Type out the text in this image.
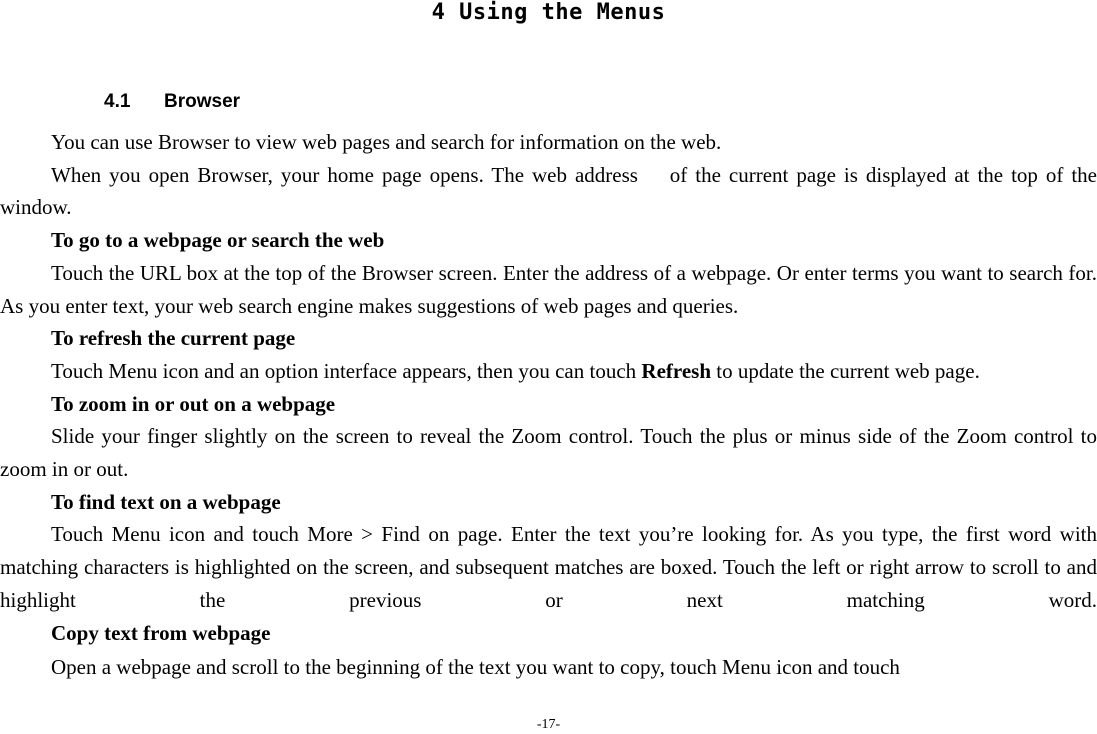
4 Using the Menus
4.1 Browser

You can use Browser to view web pages and search for information on the web.

When you open Browser, your home page opens. The web address    of the current page is displayed at the top of the window.

To go to a webpage or search the web

Touch the URL box at the top of the Browser screen. Enter the address of a webpage. Or enter terms you want to search for. As you enter text, your web search engine makes suggestions of web pages and queries.

To refresh the current page

Touch Menu icon and an option interface appears, then you can touch Refresh to update the current web page.

To zoom in or out on a webpage

Slide your finger slightly on the screen to reveal the Zoom control. Touch the plus or minus side of the Zoom control to zoom in or out.

To find text on a webpage

Touch Menu icon and touch More > Find on page. Enter the text you’re looking for. As you type, the first word with matching characters is highlighted on the screen, and subsequent matches are boxed. Touch the left or right arrow to scroll to and highlight the previous or next matching word.

Copy text from webpage

Open a webpage and scroll to the beginning of the text you want to copy, touch Menu icon and touch

-17-
